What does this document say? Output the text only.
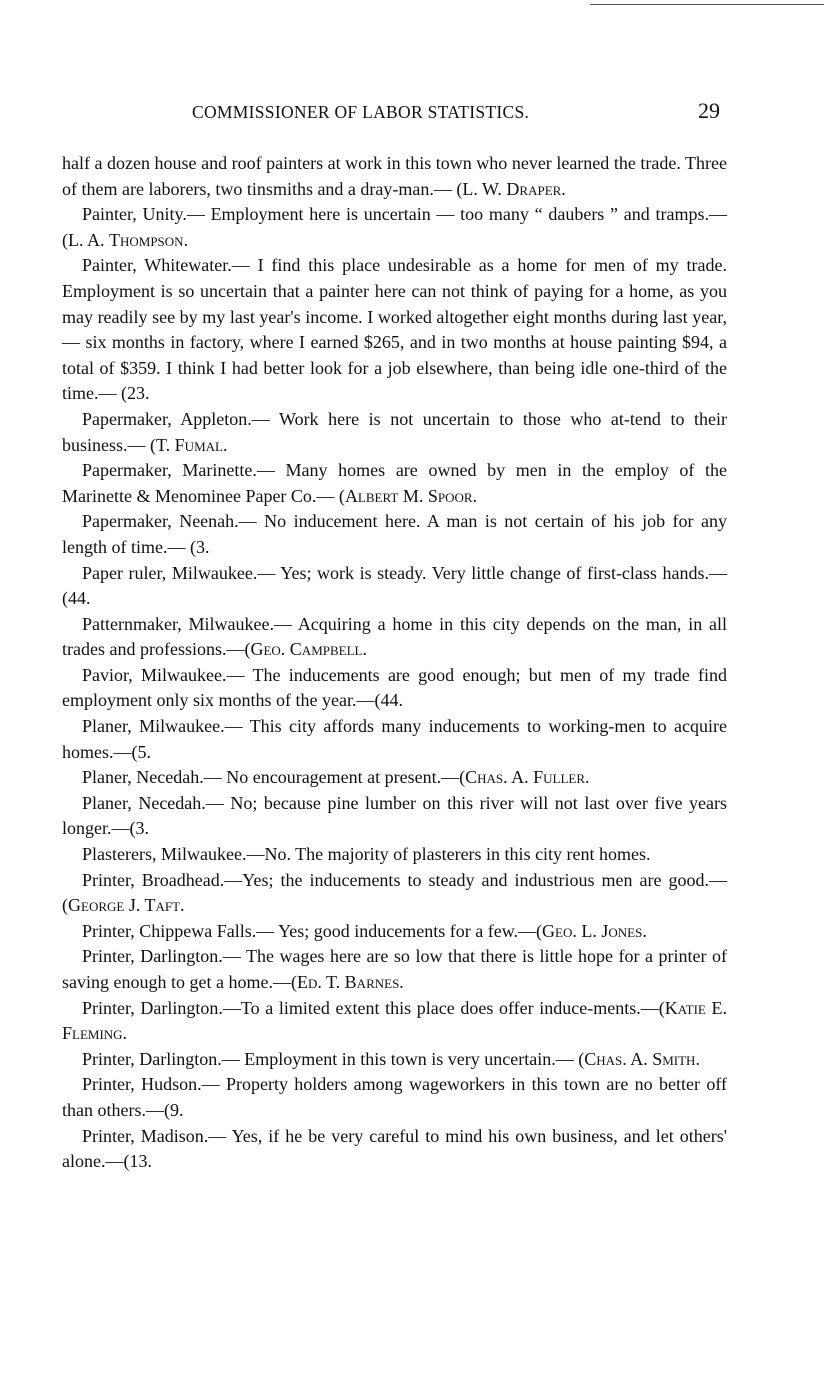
COMMISSIONER OF LABOR STATISTICS.	29

half a dozen house and roof painters at work in this town who never learned the trade. Three of them are laborers, two tinsmiths and a dray-man.— (L. W. Draper.

Painter, Unity.— Employment here is uncertain — too many “ daubers ” and tramps.— (L. A. Thompson.

Painter, Whitewater.— I find this place undesirable as a home for men of my trade. Employment is so uncertain that a painter here can not think of paying for a home, as you may readily see by my last year's income. I worked altogether eight months during last year, — six months in factory, where I earned $265, and in two months at house painting $94, a total of $359. I think I had better look for a job elsewhere, than being idle one-third of the time.— (23.

Papermaker, Appleton.— Work here is not uncertain to those who at-tend to their business.— (T. Fumal.

Papermaker, Marinette.— Many homes are owned by men in the employ of the Marinette & Menominee Paper Co.— (Albert M. Spoor.

Papermaker, Neenah.— No inducement here. A man is not certain of his job for any length of time.— (3.

Paper ruler, Milwaukee.— Yes; work is steady. Very little change of first-class hands.— (44.

Patternmaker, Milwaukee.— Acquiring a home in this city depends on the man, in all trades and professions.—(Geo. Campbell.

Pavior, Milwaukee.— The inducements are good enough; but men of my trade find employment only six months of the year.—(44.

Planer, Milwaukee.— This city affords many inducements to working-men to acquire homes.—(5.

Planer, Necedah.— No encouragement at present.—(Chas. A. Fuller.

Planer, Necedah.— No; because pine lumber on this river will not last over five years longer.—(3.

Plasterers, Milwaukee.—No. The majority of plasterers in this city rent homes.

Printer, Broadhead.—Yes; the inducements to steady and industrious men are good.—(George J. Taft.

Printer, Chippewa Falls.— Yes; good inducements for a few.—(Geo. L. Jones.

Printer, Darlington.— The wages here are so low that there is little hope for a printer of saving enough to get a home.—(Ed. T. Barnes.

Printer, Darlington.—To a limited extent this place does offer induce-ments.—(Katie E. Fleming.

Printer, Darlington.— Employment in this town is very uncertain.— (Chas. A. Smith.

Printer, Hudson.— Property holders among wageworkers in this town are no better off than others.—(9.

Printer, Madison.— Yes, if he be very careful to mind his own business, and let others' alone.—(13.
